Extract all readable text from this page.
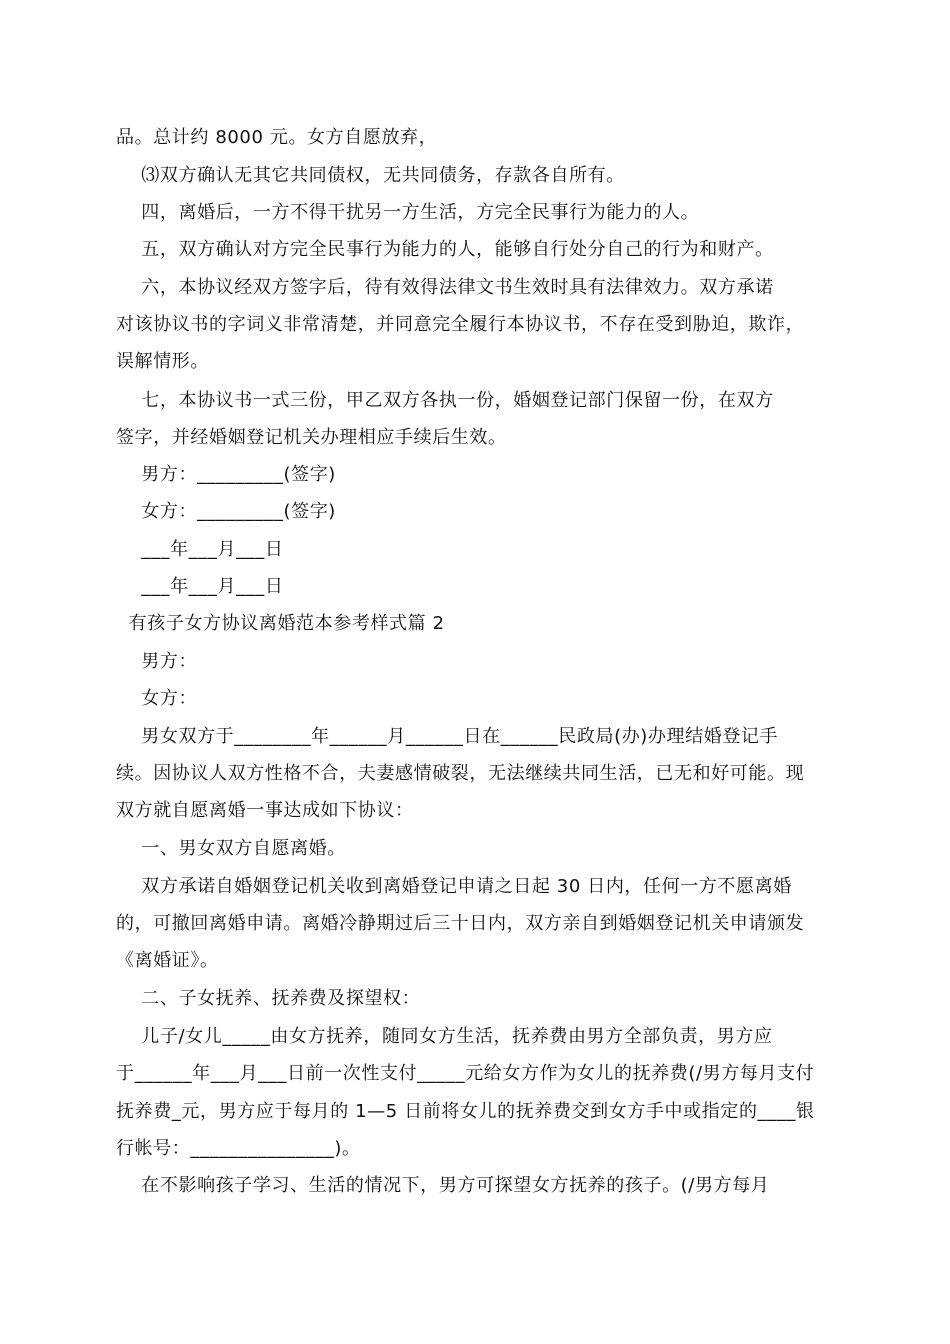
品。总计约 8000 元。女方自愿放弃，
⑶双方确认无其它共同债权，无共同债务，存款各自所有。
四，离婚后，一方不得干扰另一方生活，方完全民事行为能力的人。
五，双方确认对方完全民事行为能力的人，能够自行处分自己的行为和财产。
六，本协议经双方签字后，待有效得法律文书生效时具有法律效力。双方承诺
对该协议书的字词义非常清楚，并同意完全履行本协议书，不存在受到胁迫，欺诈，
误解情形。
七，本协议书一式三份，甲乙双方各执一份，婚姻登记部门保留一份，在双方
签字，并经婚姻登记机关办理相应手续后生效。
男方：_________(签字)
女方：_________(签字)
___年___月___日
___年___月___日
有孩子女方协议离婚范本参考样式篇 2
男方：
女方：
男女双方于________年______月______日在______民政局(办)办理结婚登记手
续。因协议人双方性格不合，夫妻感情破裂，无法继续共同生活，已无和好可能。现
双方就自愿离婚一事达成如下协议：
一、男女双方自愿离婚。
双方承诺自婚姻登记机关收到离婚登记申请之日起 30 日内，任何一方不愿离婚
的，可撤回离婚申请。离婚冷静期过后三十日内，双方亲自到婚姻登记机关申请颁发
《离婚证》。
二、子女抚养、抚养费及探望权：
儿子/女儿_____由女方抚养，随同女方生活，抚养费由男方全部负责，男方应
于______年___月___日前一次性支付_____元给女方作为女儿的抚养费(/男方每月支付
抚养费_元，男方应于每月的 1—5 日前将女儿的抚养费交到女方手中或指定的____银
行帐号：_______________)。
在不影响孩子学习、生活的情况下，男方可探望女方抚养的孩子。(/男方每月
